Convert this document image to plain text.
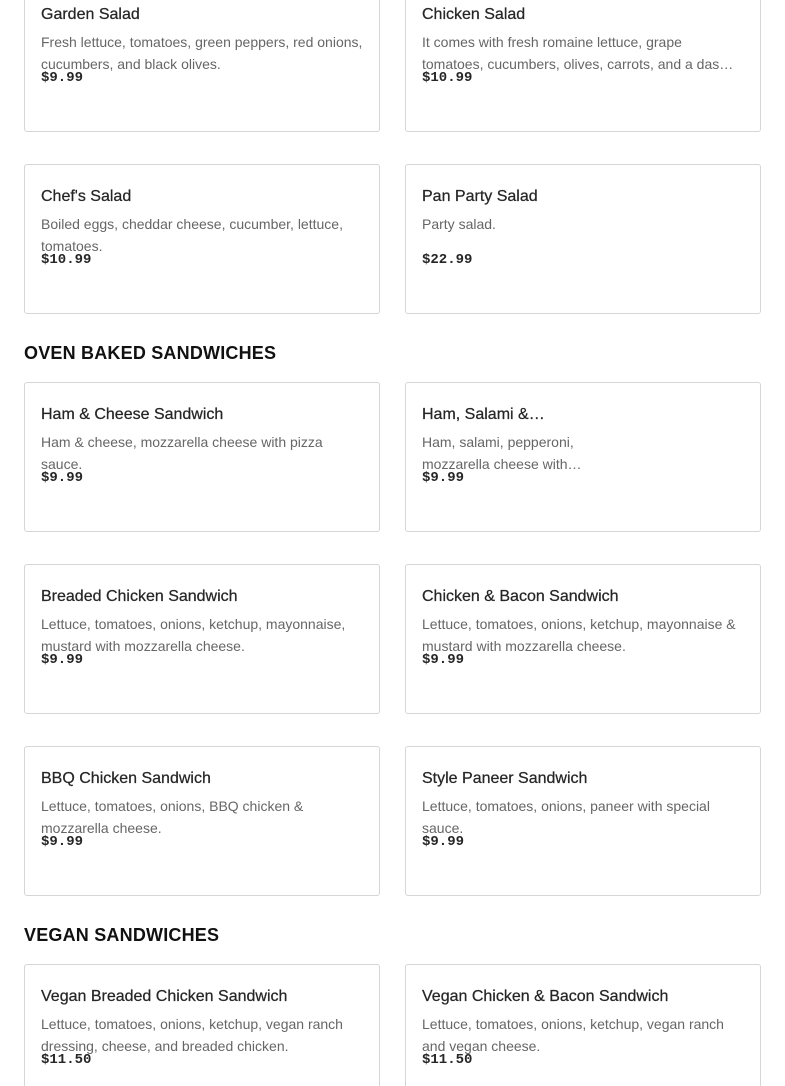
Garden Salad
Fresh lettuce, tomatoes, green peppers, red onions, cucumbers, and black olives.
$9.99
Chicken Salad
It comes with fresh romaine lettuce, grape tomatoes, cucumbers, olives, carrots, and a das…
$10.99
Chef's Salad
Boiled eggs, cheddar cheese, cucumber, lettuce, tomatoes.
$10.99
Pan Party Salad
Party salad.
$22.99
OVEN BAKED SANDWICHES
Ham & Cheese Sandwich
Ham & cheese, mozzarella cheese with pizza sauce.
$9.99
Ham, Salami &…
Ham, salami, pepperoni, mozzarella cheese with…
$9.99
Breaded Chicken Sandwich
Lettuce, tomatoes, onions, ketchup, mayonnaise, mustard with mozzarella cheese.
$9.99
Chicken & Bacon Sandwich
Lettuce, tomatoes, onions, ketchup, mayonnaise & mustard with mozzarella cheese.
$9.99
BBQ Chicken Sandwich
Lettuce, tomatoes, onions, BBQ chicken & mozzarella cheese.
$9.99
Style Paneer Sandwich
Lettuce, tomatoes, onions, paneer with special sauce.
$9.99
VEGAN SANDWICHES
Vegan Breaded Chicken Sandwich
Lettuce, tomatoes, onions, ketchup, vegan ranch dressing, cheese, and breaded chicken.
$11.50
Vegan Chicken & Bacon Sandwich
Lettuce, tomatoes, onions, ketchup, vegan ranch and vegan cheese.
$11.50
